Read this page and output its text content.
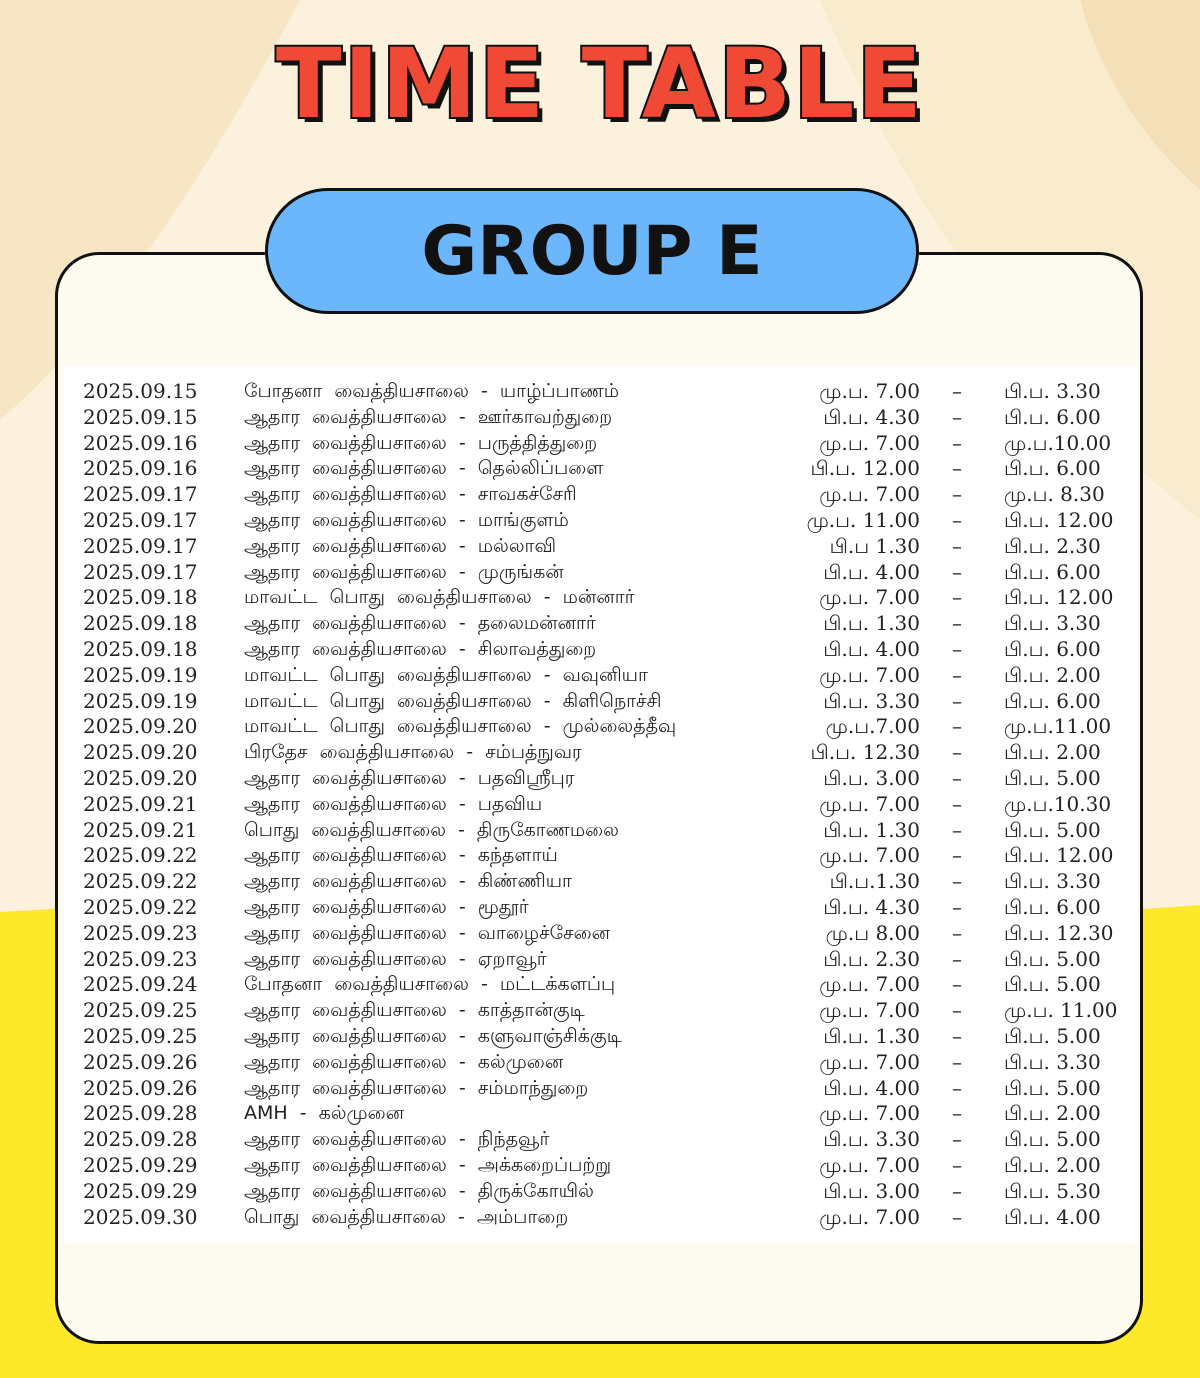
TIME TABLE
GROUP E
2025.09.15 போதனா வைத்தியசாலை - யாழ்ப்பாணம்	மு.ப. 7.00 – பி.ப. 3.30
2025.09.15 ஆதார வைத்தியசாலை - ஊர்காவற்துறை	பி.ப. 4.30 – பி.ப. 6.00
2025.09.16 ஆதார வைத்தியசாலை - பருத்தித்துறை	மு.ப. 7.00 – மு.ப.10.00
2025.09.16 ஆதார வைத்தியசாலை - தெல்லிப்பளை	பி.ப. 12.00 – பி.ப. 6.00
2025.09.17 ஆதார வைத்தியசாலை - சாவகச்சேரி	மு.ப. 7.00 – மு.ப. 8.30
2025.09.17 ஆதார வைத்தியசாலை - மாங்குளம்	மு.ப. 11.00 – பி.ப. 12.00
2025.09.17 ஆதார வைத்தியசாலை - மல்லாவி	பி.ப 1.30 – பி.ப. 2.30
2025.09.17 ஆதார வைத்தியசாலை - முருங்கன்	பி.ப. 4.00 – பி.ப. 6.00
2025.09.18 மாவட்ட பொது வைத்தியசாலை - மன்னார்	மு.ப. 7.00 – பி.ப. 12.00
2025.09.18 ஆதார வைத்தியசாலை - தலைமன்னார்	பி.ப. 1.30 – பி.ப. 3.30
2025.09.18 ஆதார வைத்தியசாலை - சிலாவத்துறை	பி.ப. 4.00 – பி.ப. 6.00
2025.09.19 மாவட்ட பொது வைத்தியசாலை - வவுனியா	மு.ப. 7.00 – பி.ப. 2.00
2025.09.19 மாவட்ட பொது வைத்தியசாலை - கிளிநொச்சி	பி.ப. 3.30 – பி.ப. 6.00
2025.09.20 மாவட்ட பொது வைத்தியசாலை - முல்லைத்தீவு	மு.ப.7.00 – மு.ப.11.00
2025.09.20 பிரதேச வைத்தியசாலை - சம்பத்நுவர	பி.ப. 12.30 – பி.ப. 2.00
2025.09.20 ஆதார வைத்தியசாலை - பதவிஸ்ரீபுர	பி.ப. 3.00 – பி.ப. 5.00
2025.09.21 ஆதார வைத்தியசாலை - பதவிய	மு.ப. 7.00 – மு.ப.10.30
2025.09.21 பொது வைத்தியசாலை - திருகோணமலை	பி.ப. 1.30 – பி.ப. 5.00
2025.09.22 ஆதார வைத்தியசாலை - கந்தளாய்	மு.ப. 7.00 – பி.ப. 12.00
2025.09.22 ஆதார வைத்தியசாலை - கிண்ணியா	பி.ப.1.30 – பி.ப. 3.30
2025.09.22 ஆதார வைத்தியசாலை - மூதூர்	பி.ப. 4.30 – பி.ப. 6.00
2025.09.23 ஆதார வைத்தியசாலை - வாழைச்சேனை	மு.ப 8.00 – பி.ப. 12.30
2025.09.23 ஆதார வைத்தியசாலை - ஏறாவூர்	பி.ப. 2.30 – பி.ப. 5.00
2025.09.24 போதனா வைத்தியசாலை - மட்டக்களப்பு	மு.ப. 7.00 – பி.ப. 5.00
2025.09.25 ஆதார வைத்தியசாலை - காத்தான்குடி	மு.ப. 7.00 – மு.ப. 11.00
2025.09.25 ஆதார வைத்தியசாலை - களுவாஞ்சிக்குடி	பி.ப. 1.30 – பி.ப. 5.00
2025.09.26 ஆதார வைத்தியசாலை - கல்முனை	மு.ப. 7.00 – பி.ப. 3.30
2025.09.26 ஆதார வைத்தியசாலை - சம்மாந்துறை	பி.ப. 4.00 – பி.ப. 5.00
2025.09.28 AMH - கல்முனை	மு.ப. 7.00 – பி.ப. 2.00
2025.09.28 ஆதார வைத்தியசாலை - நிந்தவூர்	பி.ப. 3.30 – பி.ப. 5.00
2025.09.29 ஆதார வைத்தியசாலை - அக்கறைப்பற்று	மு.ப. 7.00 – பி.ப. 2.00
2025.09.29 ஆதார வைத்தியசாலை - திருக்கோயில்	பி.ப. 3.00 – பி.ப. 5.30
2025.09.30 பொது வைத்தியசாலை - அம்பாறை	மு.ப. 7.00 – பி.ப. 4.00
